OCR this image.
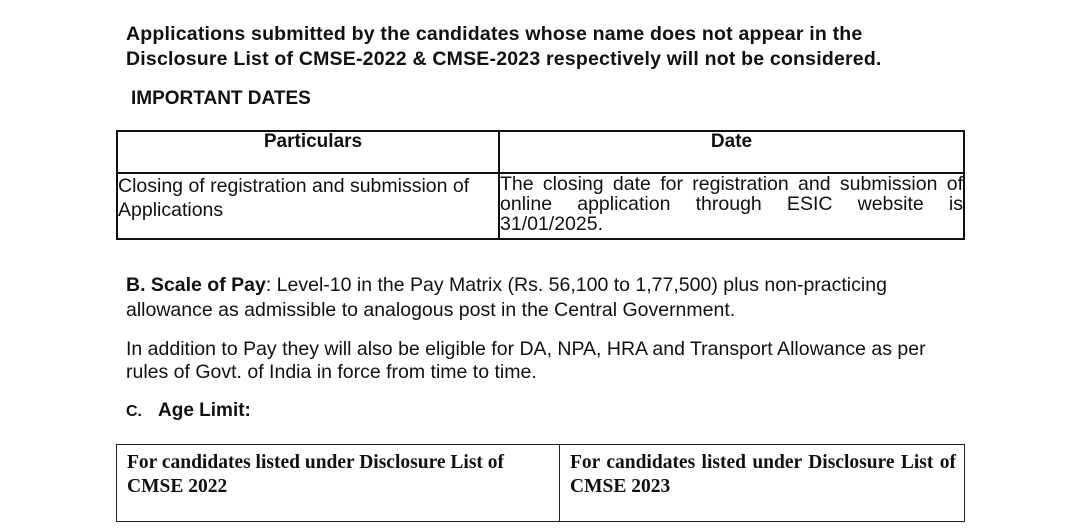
Applications submitted by the candidates whose name does not appear in the Disclosure List of CMSE-2022 & CMSE-2023 respectively will not be considered.
IMPORTANT DATES
Particulars	Date

Closing of registration and submission of Applications	The closing date for registration and submission of online application through ESIC website is 31/01/2025.
B. Scale of Pay: Level-10 in the Pay Matrix (Rs. 56,100 to 1,77,500) plus non-practicing allowance as admissible to analogous post in the Central Government.
In addition to Pay they will also be eligible for DA, NPA, HRA and Transport Allowance as per rules of Govt. of India in force from time to time.
C. Age Limit:
For candidates listed under Disclosure List of CMSE 2022	For candidates listed under Disclosure List of CMSE 2023
